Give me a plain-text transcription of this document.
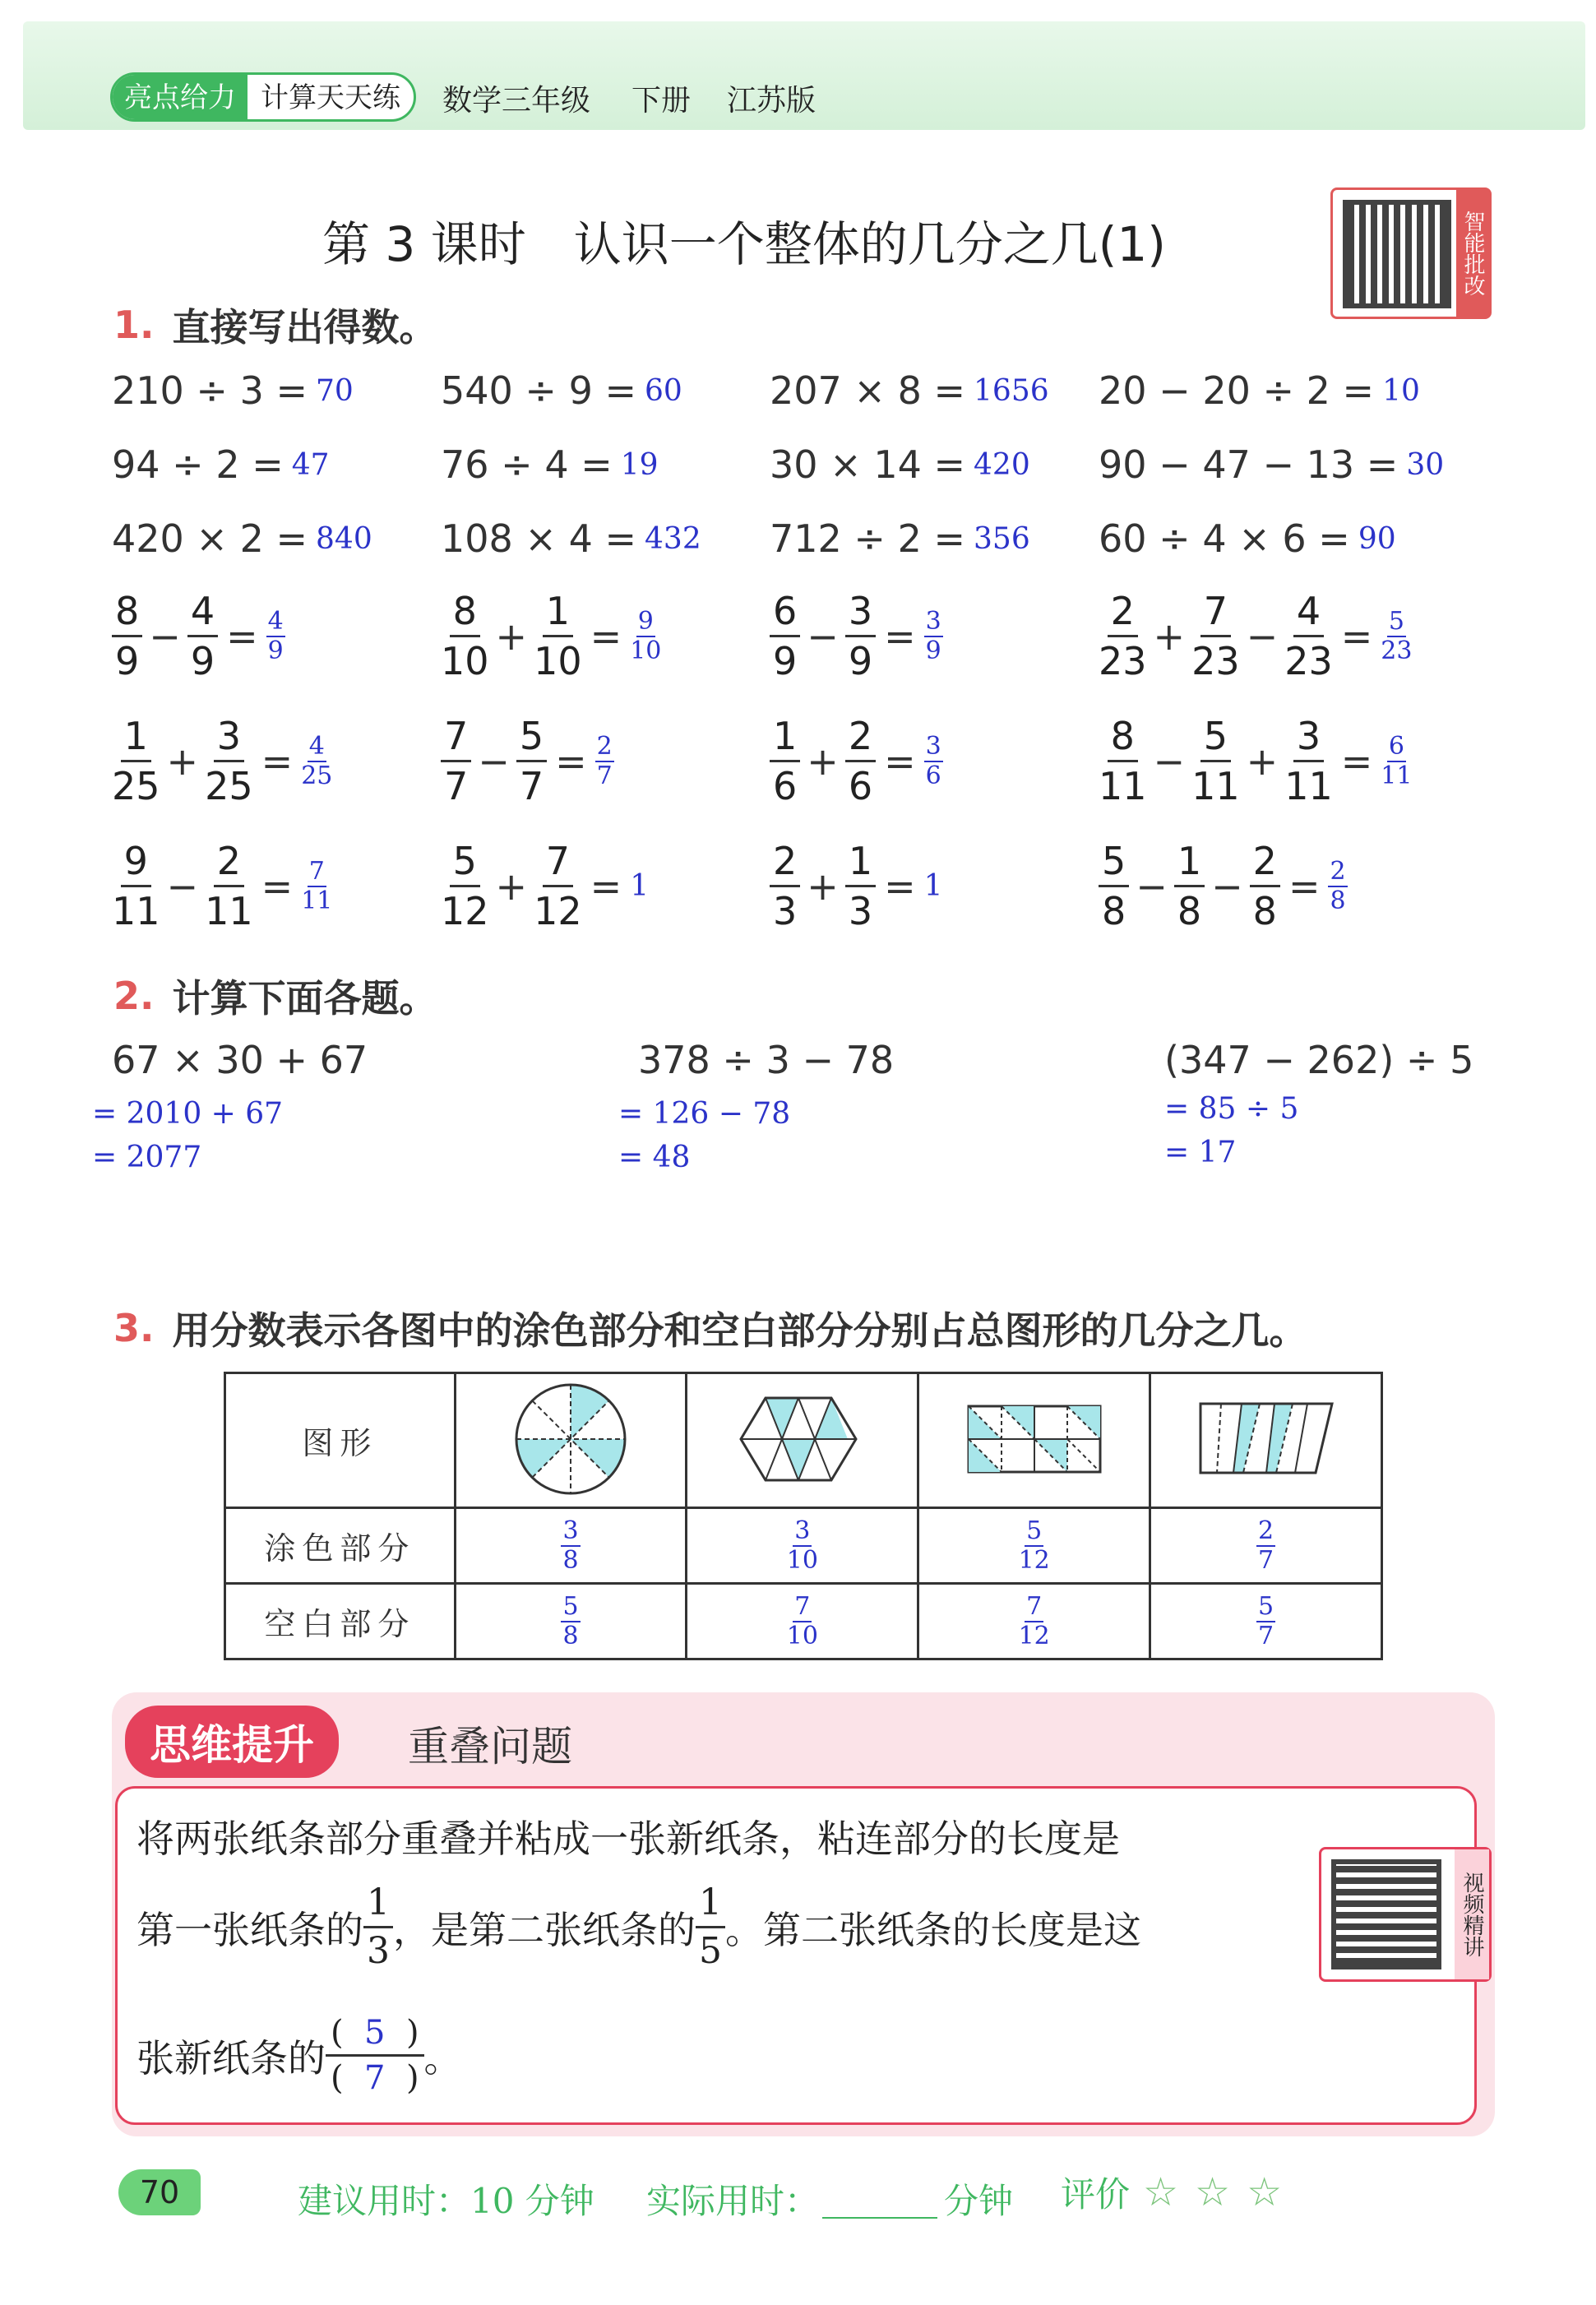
亮点给力 计算天天练	数学三年级 下册 江苏版
第 3 课时　认识一个整体的几分之几(1)	智能批改
1. 直接写出得数。
210 ÷ 3 = 70 540 ÷ 9 = 60 207 × 8 = 1656 20 − 20 ÷ 2 = 10
94 ÷ 2 = 47	76 ÷ 4 = 19	30 × 14 = 420 90 − 47 − 13 = 30
420 × 2 = 840 108 × 4 = 432 712 ÷ 2 = 356 60 ÷ 4 × 6 = 90
$\frac{8}{9} - \frac{4}{9} = \frac{4}{9}$	$\frac{8}{10} + \frac{1}{10} = \frac{9}{10}$	$\frac{6}{9} - \frac{3}{9} = \frac{3}{9}$	$\frac{2}{23} + \frac{7}{23} - \frac{4}{23} = \frac{5}{23}$
$\frac{1}{25} + \frac{3}{25} = \frac{4}{25}$	$\frac{7}{7} - \frac{5}{7} = \frac{2}{7}$	$\frac{1}{6} + \frac{2}{6} = \frac{3}{6}$	$\frac{8}{11} - \frac{5}{11} + \frac{3}{11} = \frac{6}{11}$
$\frac{9}{11} - \frac{2}{11} = \frac{7}{11}$	$\frac{5}{12} + \frac{7}{12} = 1$	$\frac{2}{3} + \frac{1}{3} = 1$	$\frac{5}{8} - \frac{1}{8} - \frac{2}{8} = \frac{2}{8}$
2. 计算下面各题。
67 × 30 + 67
= 2010 + 67
= 2077
378 ÷ 3 − 78
= 126 − 78
= 48
(347 − 262) ÷ 5
= 85 ÷ 5
= 17
3. 用分数表示各图中的涂色部分和空白部分分别占总图形的几分之几。
图形				
涂色部分	$\frac{3}{8}$	$\frac{3}{10}$	$\frac{5}{12}$	$\frac{2}{7}$

空白部分	$\frac{5}{8}$	$\frac{7}{10}$	$\frac{7}{12}$	$\frac{5}{7}$
思维提升	重叠问题
将两张纸条部分重叠并粘成一张新纸条，粘连部分的长度是
第一张纸条的 $\frac{1}{3}$ ，是第二张纸条的 $\frac{1}{5}$ 。第二张纸条的长度是这
张新纸条的 $\frac{( 5 )}{( 7 )}$ 。
视频精讲
70	建议用时：10 分钟 实际用时：	分钟 评价 ☆ ☆ ☆
